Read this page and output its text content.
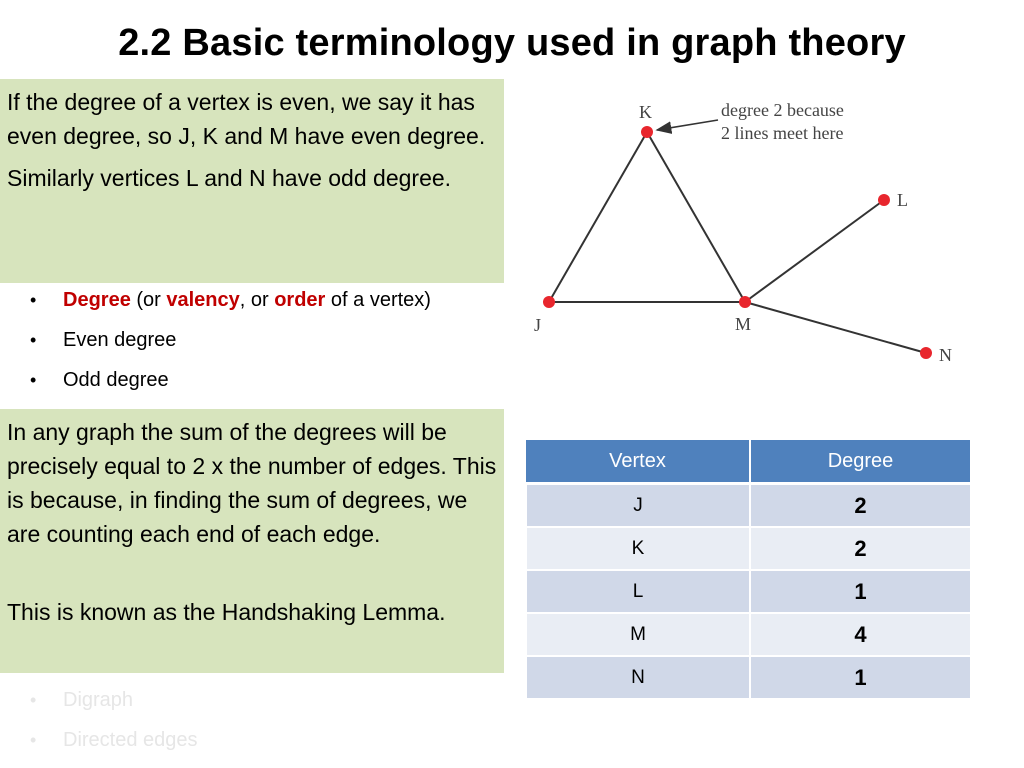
2.2 Basic terminology used in graph theory
• Degree (or valency, or order of a vertex)
• Even degree
• Odd degree
•
• Digraph
• Directed edges

If the degree of a vertex is even, we say it has even degree, so J, K and M have even degree.

Similarly vertices L and N have odd degree.

In any graph the sum of the degrees will be precisely equal to 2 x the number of edges. This is because, in finding the sum of degrees, we are counting each end of each edge.

This is known as the Handshaking Lemma.

K
L
J	M
N
degree 2 because
2 lines meet here
Vertex	Degree
J	2
K	2
L	1
M	4
N	1
